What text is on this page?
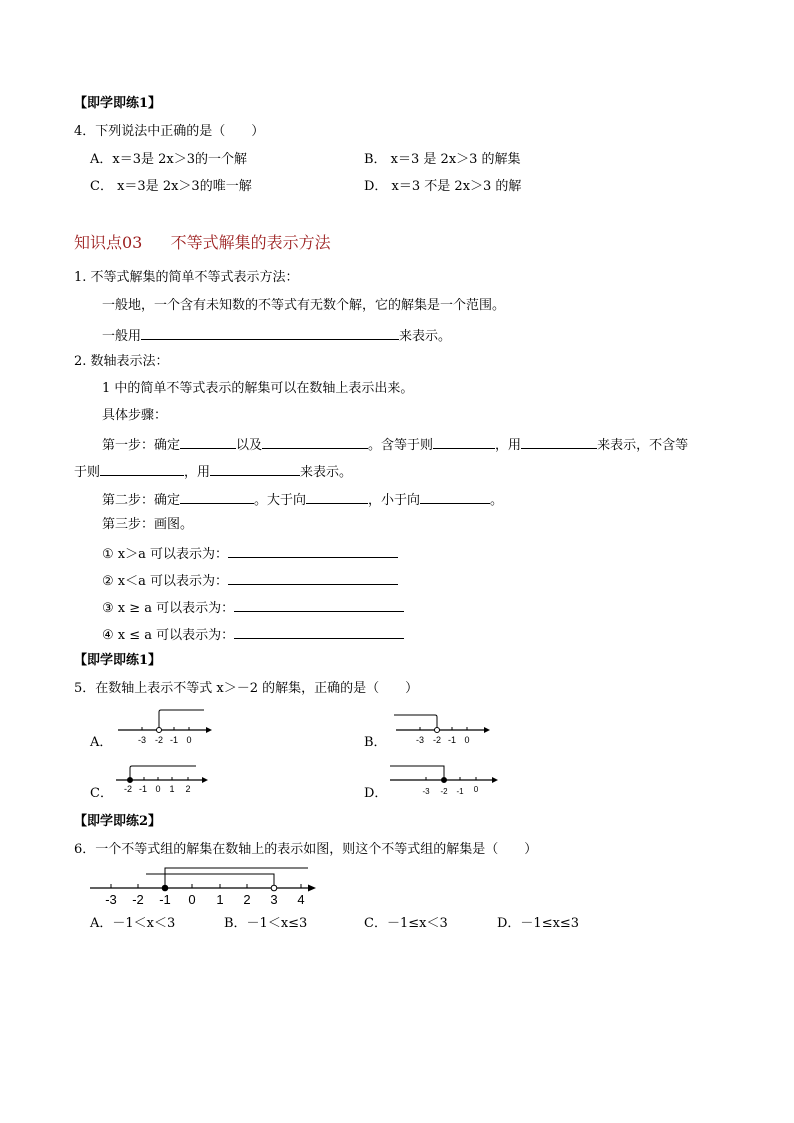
【即学即练1】
4．下列说法中正确的是（　　）
A．x＝3是 2x＞3的一个解	B． x＝3 是 2x＞3 的解集
C． x＝3是 2x＞3的唯一解	D． x＝3 不是 2x＞3 的解
知识点03 不等式解集的表示方法
1. 不等式解集的简单不等式表示方法：
一般地，一个含有未知数的不等式有无数个解，它的解集是一个范围。
一般用	来表示。
2. 数轴表示法：
1 中的简单不等式表示的解集可以在数轴上表示出来。
具体步骤：
第一步：确定	以及	。含等于则	，用	来表示，不含等
于则	，用	来表示。
第二步：确定	。大于向	，小于向	。
第三步：画图。
① x＞a 可以表示为：
② x＜a 可以表示为：
③ x ≥ a 可以表示为：
④ x ≤ a 可以表示为：
【即学即练1】
5．在数轴上表示不等式 x＞－2 的解集，正确的是（　　）
A．	-3 -2 -1 0	B．	-3 -2 -1 0
C． -2 -1 0 1 2	D．	-3 -2 -1 0
【即学即练2】
6．一个不等式组的解集在数轴上的表示如图，则这个不等式组的解集是（　　）
-3 -2 -1 0 1 2 3 4
A．－1＜x＜3	B．－1＜x≤3	C．－1≤x＜3	D．－1≤x≤3
